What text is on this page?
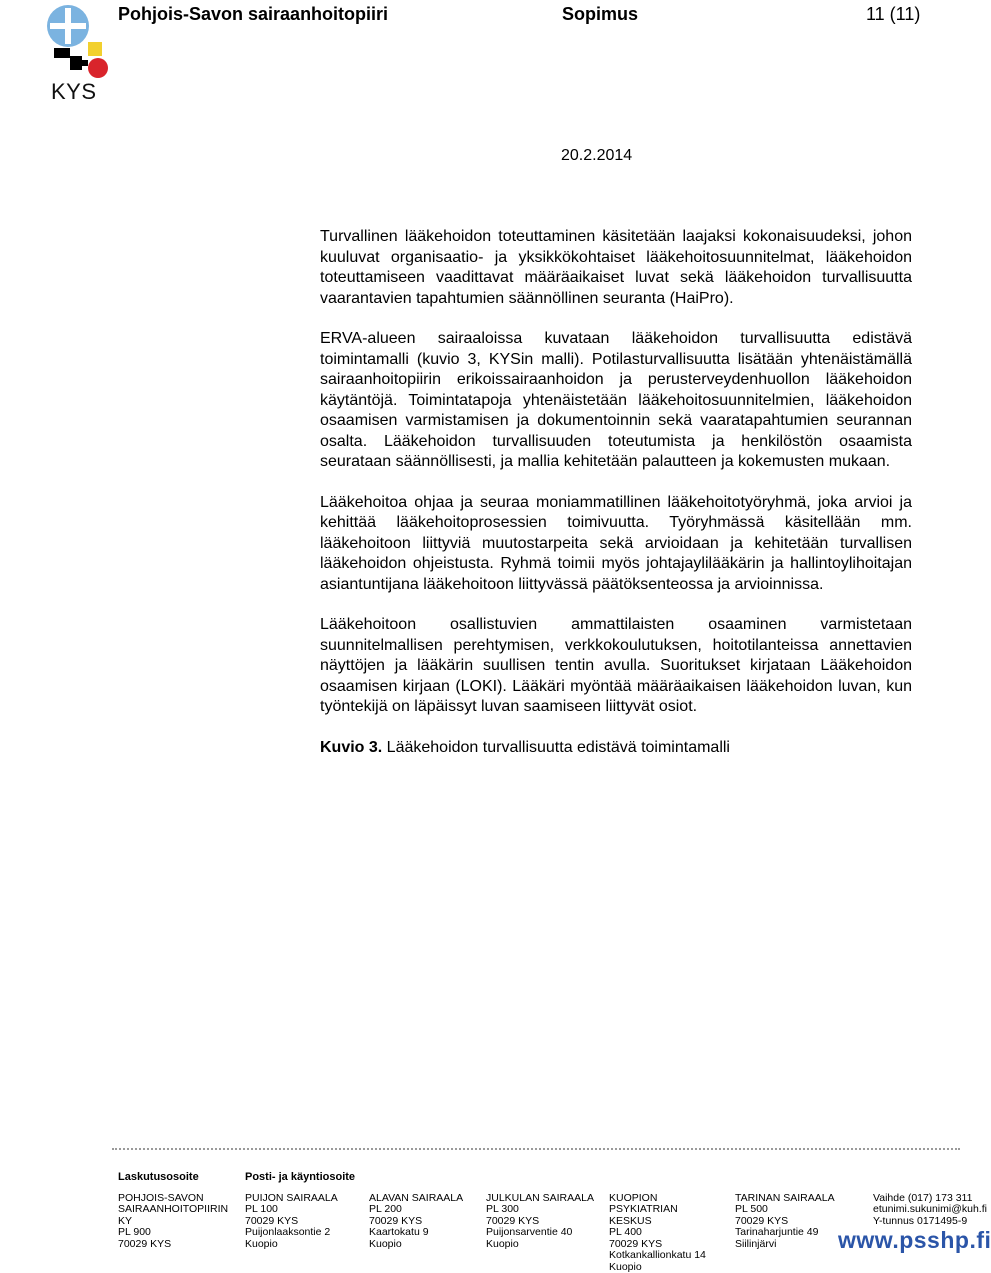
KYS
Pohjois-Savon sairaanhoitopiiri	Sopimus	11 (11)
20.2.2014

Turvallinen lääkehoidon toteuttaminen käsitetään laajaksi kokonaisuudeksi, johon kuuluvat organisaatio- ja yksikkökohtaiset lääkehoitosuunnitelmat, lääkehoidon toteuttamiseen vaadittavat määräaikaiset luvat sekä lääkehoidon turvallisuutta vaarantavien tapahtumien säännöllinen seuranta (HaiPro).

ERVA-alueen sairaaloissa kuvataan lääkehoidon turvallisuutta edistävä toimintamalli (kuvio 3, KYSin malli). Potilasturvallisuutta lisätään yhtenäistämällä sairaanhoitopiirin erikoissairaanhoidon ja perusterveydenhuollon lääkehoidon käytäntöjä. Toimintatapoja yhtenäistetään lääkehoitosuunnitelmien, lääkehoidon osaamisen varmistamisen ja dokumentoinnin sekä vaaratapahtumien seurannan osalta. Lääkehoidon turvallisuuden toteutumista ja henkilöstön osaamista seurataan säännöllisesti, ja mallia kehitetään palautteen ja kokemusten mukaan.

Lääkehoitoa ohjaa ja seuraa moniammatillinen lääkehoitotyöryhmä, joka arvioi ja kehittää lääkehoitoprosessien toimivuutta. Työryhmässä käsitellään mm. lääkehoitoon liittyviä muutostarpeita sekä arvioidaan ja kehitetään turvallisen lääkehoidon ohjeistusta. Ryhmä toimii myös johtajaylilääkärin ja hallintoylihoitajan asiantuntijana lääkehoitoon liittyvässä päätöksenteossa ja arvioinnissa.

Lääkehoitoon osallistuvien ammattilaisten osaaminen varmistetaan suunnitelmallisen perehtymisen, verkkokoulutuksen, hoitotilanteissa annettavien näyttöjen ja lääkärin suullisen tentin avulla. Suoritukset kirjataan Lääkehoidon osaamisen kirjaan (LOKI). Lääkäri myöntää määräaikaisen lääkehoidon luvan, kun työntekijä on läpäissyt luvan saamiseen liittyvät osiot.

Kuvio 3. Lääkehoidon turvallisuutta edistävä toimintamalli
Laskutusosoite
POHJOIS-SAVON
SAIRAANHOITOPIIRIN
KY
PL 900
70029 KYS
Posti- ja käyntiosoite
PUIJON SAIRAALA
PL 100
70029 KYS
Puijonlaaksontie 2
Kuopio
ALAVAN SAIRAALA
PL 200
70029 KYS
Kaartokatu 9
Kuopio
JULKULAN SAIRAALA
PL 300
70029 KYS
Puijonsarventie 40
Kuopio
KUOPION
PSYKIATRIAN
KESKUS
PL 400
70029 KYS
Kotkankallionkatu 14
Kuopio
TARINAN SAIRAALA
PL 500
70029 KYS
Tarinaharjuntie 49
Siilinjärvi
Vaihde (017) 173 311
etunimi.sukunimi@kuh.fi
Y-tunnus 0171495-9
www.psshp.fi
